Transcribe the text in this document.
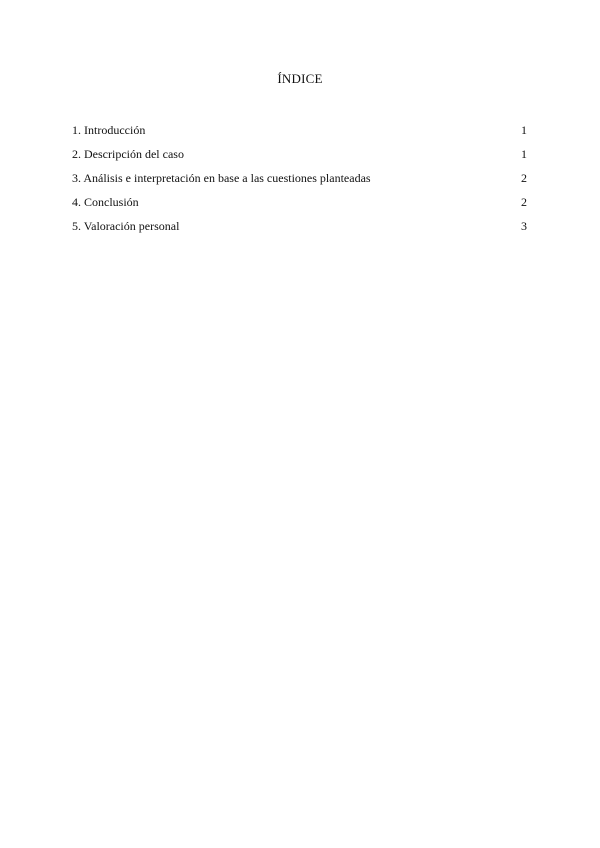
ÍNDICE
1. Introducción	1
2. Descripción del caso	1
3. Análisis e interpretación en base a las cuestiones planteadas	2
4. Conclusión	2
5. Valoración personal	3
